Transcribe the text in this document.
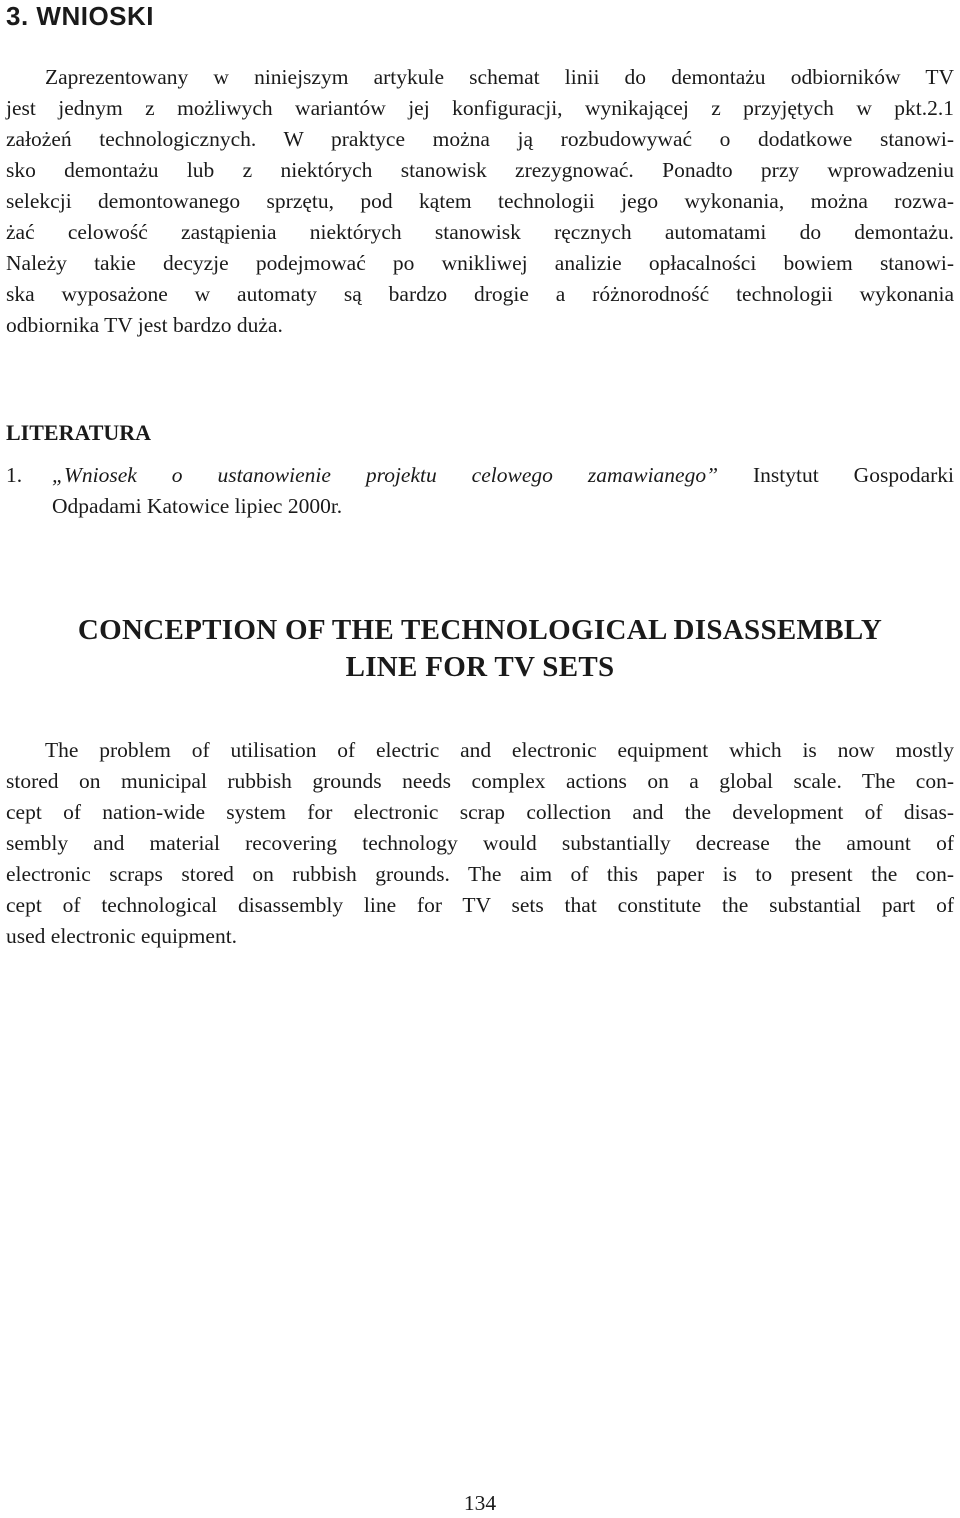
3. WNIOSKI
Zaprezentowany w niniejszym artykule schemat linii do demontażu odbiorników TV
jest jednym z możliwych wariantów jej konfiguracji, wynikającej z przyjętych w pkt.2.1
założeń technologicznych. W praktyce można ją rozbudowywać o dodatkowe stanowi-
sko demontażu lub z niektórych stanowisk zrezygnować. Ponadto przy wprowadzeniu
selekcji demontowanego sprzętu, pod kątem technologii jego wykonania, można rozwa-
żać celowość zastąpienia niektórych stanowisk ręcznych automatami do demontażu.
Należy takie decyzje podejmować po wnikliwej analizie opłacalności bowiem stanowi-
ska wyposażone w automaty są bardzo drogie a różnorodność technologii wykonania
odbiornika TV jest bardzo duża.
LITERATURA
1. „Wniosek o ustanowienie projektu celowego zamawianego” Instytut Gospodarki
Odpadami Katowice lipiec 2000r.
CONCEPTION OF THE TECHNOLOGICAL DISASSEMBLY
LINE FOR TV SETS
The problem of utilisation of electric and electronic equipment which is now mostly
stored on municipal rubbish grounds needs complex actions on a global scale. The con-
cept of nation-wide system for electronic scrap collection and the development of disas-
sembly and material recovering technology would substantially decrease the amount of
electronic scraps stored on rubbish grounds. The aim of this paper is to present the con-
cept of technological disassembly line for TV sets that constitute the substantial part of
used electronic equipment.
134
